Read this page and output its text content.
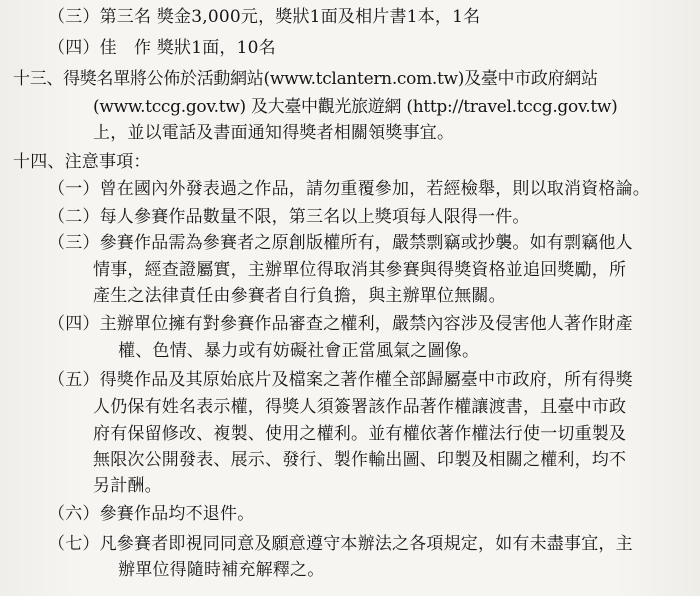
（三）第三名 獎金3,000元，獎狀1面及相片書1本，1名
（四）佳　作 獎狀1面，10名
十三、得獎名單將公佈於活動網站(www.tclantern.com.tw)及臺中市政府網站
(www.tccg.gov.tw) 及大臺中觀光旅遊網 (http://travel.tccg.gov.tw)
上，並以電話及書面通知得獎者相關領獎事宜。
十四、注意事項：
（一）曾在國內外發表過之作品，請勿重覆參加，若經檢舉，則以取消資格論。
（二）每人參賽作品數量不限，第三名以上獎項每人限得一件。
（三）參賽作品需為參賽者之原創版權所有，嚴禁剽竊或抄襲。如有剽竊他人
情事，經查證屬實，主辦單位得取消其參賽與得獎資格並追回獎勵，所
產生之法律責任由參賽者自行負擔，與主辦單位無關。
（四）主辦單位擁有對參賽作品審查之權利，嚴禁內容涉及侵害他人著作財產
權、色情、暴力或有妨礙社會正當風氣之圖像。
（五）得獎作品及其原始底片及檔案之著作權全部歸屬臺中市政府，所有得獎
人仍保有姓名表示權，得獎人須簽署該作品著作權讓渡書，且臺中市政
府有保留修改、複製、使用之權利。並有權依著作權法行使一切重製及
無限次公開發表、展示、發行、製作輸出圖、印製及相關之權利，均不
另計酬。
（六）參賽作品均不退件。
（七）凡參賽者即視同同意及願意遵守本辦法之各項規定，如有未盡事宜，主
辦單位得隨時補充解釋之。
